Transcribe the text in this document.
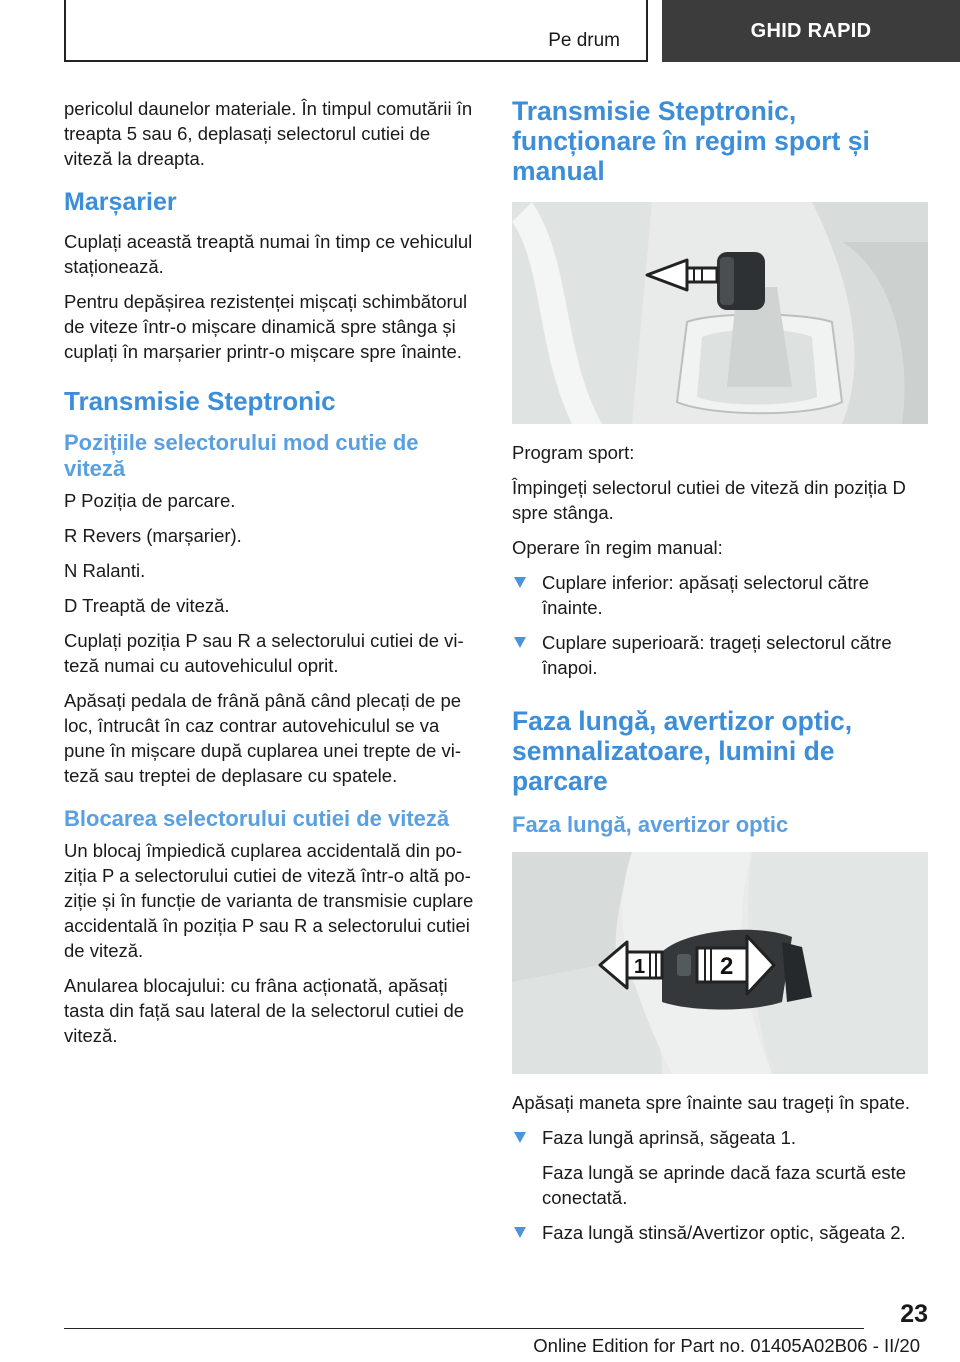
Pe drum	GHID RAPID

pericolul daunelor materiale. În timpul comutării în treapta 5 sau 6, deplasați selectorul cutiei de viteză la dreapta.

Marșarier

Cuplați această treaptă numai în timp ce vehiculul staționează.

Pentru depășirea rezistenței mișcați schimbătorul de viteze într-o mișcare dinamică spre stânga și cuplați în marșarier printr-o mișcare spre înainte.

Transmisie Steptronic
Pozițiile selectorului mod cutie de viteză

P Poziția de parcare.

R Revers (marșarier).

N Ralanti.

D Treaptă de viteză.

Cuplați poziția P sau R a selectorului cutiei de viteză numai cu autovehiculul oprit.

Apăsați pedala de frână până când plecați de pe loc, întrucât în caz contrar autovehiculul se va pune în mișcare după cuplarea unei trepte de viteză sau treptei de deplasare cu spatele.

Blocarea selectorului cutiei de viteză

Un blocaj împiedică cuplarea accidentală din poziția P a selectorului cutiei de viteză într-o altă poziție și în funcție de varianta de transmisie cuplare accidentală în poziția P sau R a selectorului cutiei de viteză.

Anularea blocajului: cu frâna acționată, apăsați tasta din față sau lateral de la selectorul cutiei de viteză.

Transmisie Steptronic, funcționare în regim sport și manual

Program sport:

Împingeți selectorul cutiei de viteză din poziția D spre stânga.

Operare în regim manual:

Cuplare inferior: apăsați selectorul către înainte.
Cuplare superioară: trageți selectorul către înapoi.
Faza lungă, avertizor optic, semnalizatoare, lumini de parcare
Faza lungă, avertizor optic
1	2

Apăsați maneta spre înainte sau trageți în spate.

Faza lungă aprinsă, săgeata 1.
Faza lungă se aprinde dacă faza scurtă este conectată.
Faza lungă stinsă/Avertizor optic, săgeata 2.
23
Online Edition for Part no. 01405A02B06 - II/20
